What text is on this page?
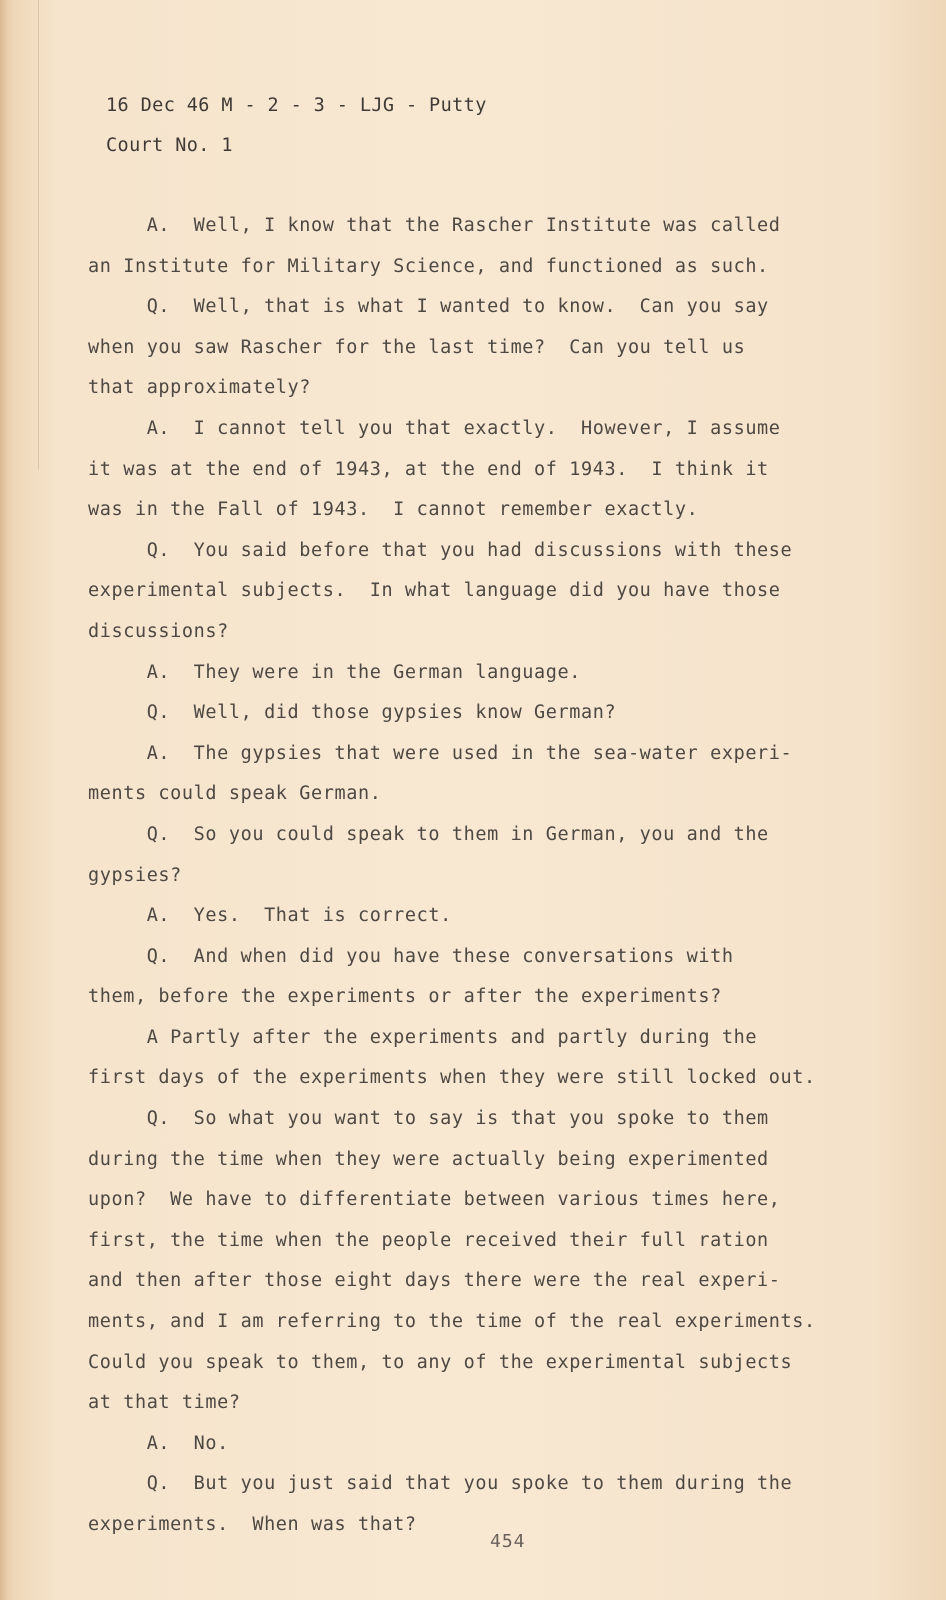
16 Dec 46 M - 2 - 3 - LJG - Putty
Court No. 1
A.  Well, I know that the Rascher Institute was called
an Institute for Military Science, and functioned as such.
Q.  Well, that is what I wanted to know.  Can you say
when you saw Rascher for the last time?  Can you tell us
that approximately?
A.  I cannot tell you that exactly.  However, I assume
it was at the end of 1943, at the end of 1943.  I think it
was in the Fall of 1943.  I cannot remember exactly.
Q.  You said before that you had discussions with these
experimental subjects.  In what language did you have those
discussions?
A.  They were in the German language.
Q.  Well, did those gypsies know German?
A.  The gypsies that were used in the sea-water experi-
ments could speak German.
Q.  So you could speak to them in German, you and the
gypsies?
A.  Yes.  That is correct.
Q.  And when did you have these conversations with
them, before the experiments or after the experiments?
A Partly after the experiments and partly during the
first days of the experiments when they were still locked out.
Q.  So what you want to say is that you spoke to them
during the time when they were actually being experimented
upon?  We have to differentiate between various times here,
first, the time when the people received their full ration
and then after those eight days there were the real experi-
ments, and I am referring to the time of the real experiments.
Could you speak to them, to any of the experimental subjects
at that time?
A.  No.
Q.  But you just said that you spoke to them during the
experiments.  When was that?
454
